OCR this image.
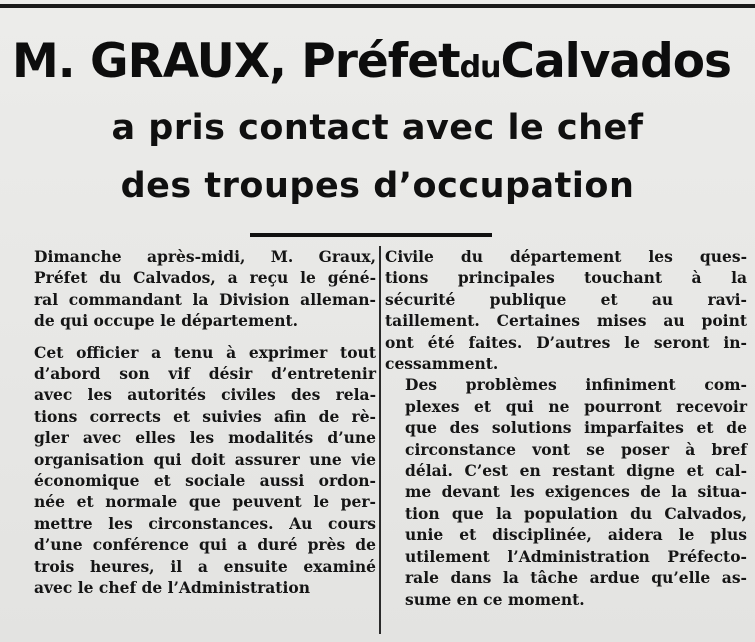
M. GRAUX, PréfetduCalvados
a pris contact avec le chef
des troupes d’occupation

Dimanche après-midi, M. Graux,
Préfet du Calvados, a reçu le géné-
ral commandant la Division alleman-
de qui occupe le département.

Cet officier a tenu à exprimer tout
d’abord son vif désir d’entretenir
avec les autorités civiles des rela-
tions corrects et suivies afin de rè-
gler avec elles les modalités d’une
organisation qui doit assurer une vie
économique et sociale aussi ordon-
née et normale que peuvent le per-
mettre les circonstances. Au cours
d’une conférence qui a duré près de
trois heures, il a ensuite examiné
avec le chef de l’Administration

Civile du département les ques-
tions principales touchant à la
sécurité publique et au ravi-
taillement. Certaines mises au point
ont été faites. D’autres le seront in-
cessamment.

Des problèmes infiniment com-
plexes et qui ne pourront recevoir
que des solutions imparfaites et de
circonstance vont se poser à bref
délai. C’est en restant digne et cal-
me devant les exigences de la situa-
tion que la population du Calvados,
unie et disciplinée, aidera le plus
utilement l’Administration Préfecto-
rale dans la tâche ardue qu’elle as-
sume en ce moment.
